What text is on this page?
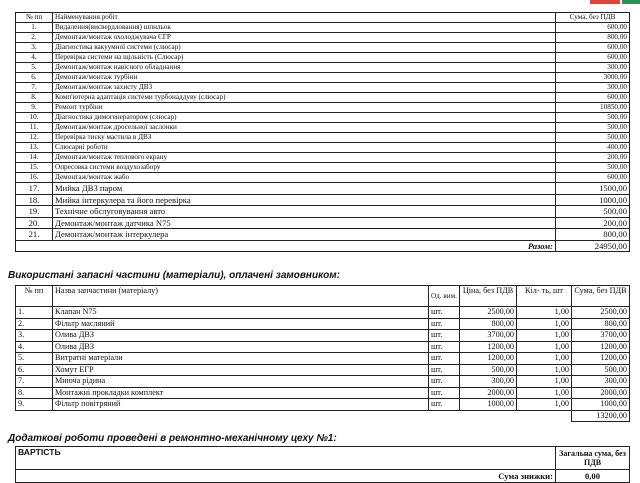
№ пп	Найменування робіт	Сума, без ПДВ
1.	Видалення(висвердловання) шпильок	600,00
2.	Демонтаж/монтаж охолоджувача ЄГР	800,00
3.	Діагностика вакуумної системи (слюсар)	600,00
4.	Перевірка системи на щільність (Слюсар)	600,00
5.	Демонтаж/монтаж навісного обладнання	300,00
6.	Демонтаж/монтаж турбіни	3000,00
7.	Демонтаж/монтаж захисту ДВЗ	300,00
8.	Комп'ютерна адаптація системи турбонаддуву (слюсар)	600,00
9.	Ремонт турбіни	10850,00
10.	Діагностика димогенератором (слюсар)	500,00
11.	Демонтаж/монтаж дросельної заслонки	500,00
12.	Перевірка тиску мастила в ДВЗ	500,00
13.	Слюсарні роботи	400,00
14.	Демонтаж/монтаж теплового екрану	200,00
15.	Опресовка системи воздухозабору	500,00
16.	Демонтаж/монтаж жабо	600,00
17.	Мийка ДВЗ паром	1500,00
18.	Мийка інтеркулера та його перевірка	1000,00
19.	Технічне обслуговування авто	500,00
20.	Демонтаж/монтаж датчика N75	200,00
21.	Демонтаж/монтаж інтеркулера	800,00
Разом:		24950,00
Використані запасні частини (матеріали), оплачені замовником:
№ пп	Назва запчастини (матеріалу)	Од. вим.	Ціна, без ПДВ	Кіл- ть, шт	Сума, без ПДВ
1.	Клапан N75	шт.	2500,00	1,00	2500,00
2.	Фільтр масляний	шт.	800,00	1,00	800,00
3.	Олива ДВЗ	шт.	3700,00	1,00	3700,00
4.	Олива ДВЗ	шт.	1200,00	1,00	1200,00
5.	Витратні матеріали	шт.	1200,00	1,00	1200,00
6.	Хомут ЕГР	шт.	500,00	1,00	500,00
7.	Миюча рідина	шт.	300,00	1,00	300,00
8.	Монтажні прокладки комплект	шт.	2000,00	1,00	2000,00
9.	Фільтр повітряний	шт.	1000,00	1,00	1000,00
					13200,00
Додаткові роботи проведені в ремонтно-механічному цеху №1:
ВАРТІСТЬ	Загальна сума, без ПДВ
Сума знижки:	0,00
